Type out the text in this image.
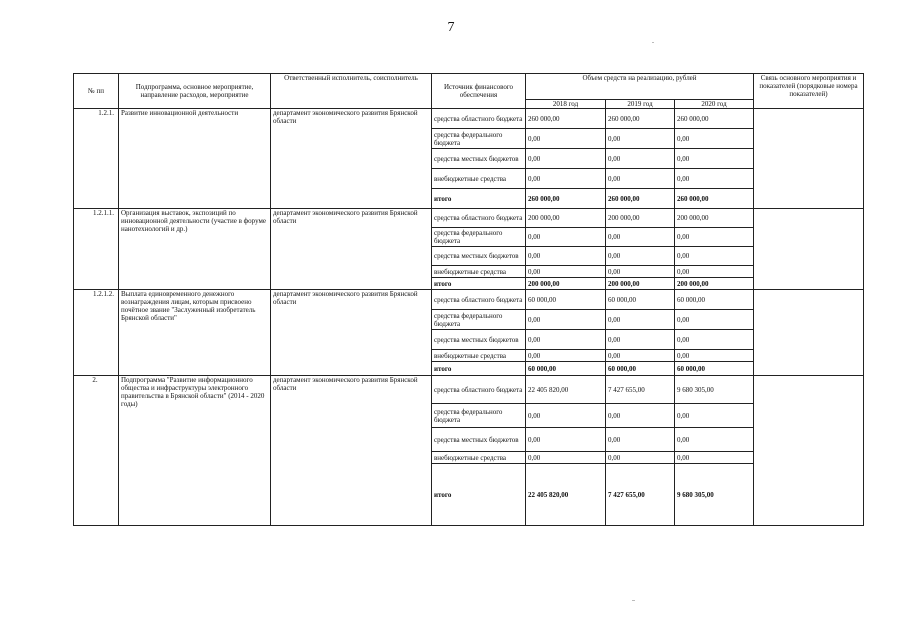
7
№ пп	Подпрограмма, основное мероприятие, направление расходов, мероприятие	Ответственный исполнитель, соисполнитель	Источник финансового обеспечения	Объем средств на реализацию, рублей			Связь основного мероприятия и показателей (порядковые номера показателей)
				2018 год	2019 год	2020 год	
1.2.1.	Развитие инновационной деятельности	департамент экономического развития Брянской области	средства областного бюджета	260 000,00	260 000,00	260 000,00	
			средства федерального бюджета	0,00	0,00	0,00	
			средства местных бюджетов	0,00	0,00	0,00	
			внебюджетные средства	0,00	0,00	0,00	
			итого	260 000,00	260 000,00	260 000,00	
1.2.1.1.	Организация выставок, экспозиций по инновационной деятельности (участие в форуме нанотехнологий и др.)	департамент экономического развития Брянской области	средства областного бюджета	200 000,00	200 000,00	200 000,00	
			средства федерального бюджета	0,00	0,00	0,00	
			средства местных бюджетов	0,00	0,00	0,00	
			внебюджетные средства	0,00	0,00	0,00	
			итого	200 000,00	200 000,00	200 000,00	
1.2.1.2.	Выплата единовременного денежного вознаграждения лицам, которым присвоено почётное звание "Заслуженный изобретатель Брянской области"	департамент экономического развития Брянской области	средства областного бюджета	60 000,00	60 000,00	60 000,00	
			средства федерального бюджета	0,00	0,00	0,00	
			средства местных бюджетов	0,00	0,00	0,00	
			внебюджетные средства	0,00	0,00	0,00	
			итого	60 000,00	60 000,00	60 000,00	
2.	Подпрограмма "Развитие информационного общества и инфраструктуры электронного правительства в Брянской области" (2014 - 2020 годы)	департамент экономического развития Брянской области	средства областного бюджета	22 405 820,00	7 427 655,00	9 680 305,00	
			средства федерального бюджета	0,00	0,00	0,00	
			средства местных бюджетов	0,00	0,00	0,00	
			внебюджетные средства	0,00	0,00	0,00	
			итого	22 405 820,00	7 427 655,00	9 680 305,00	
